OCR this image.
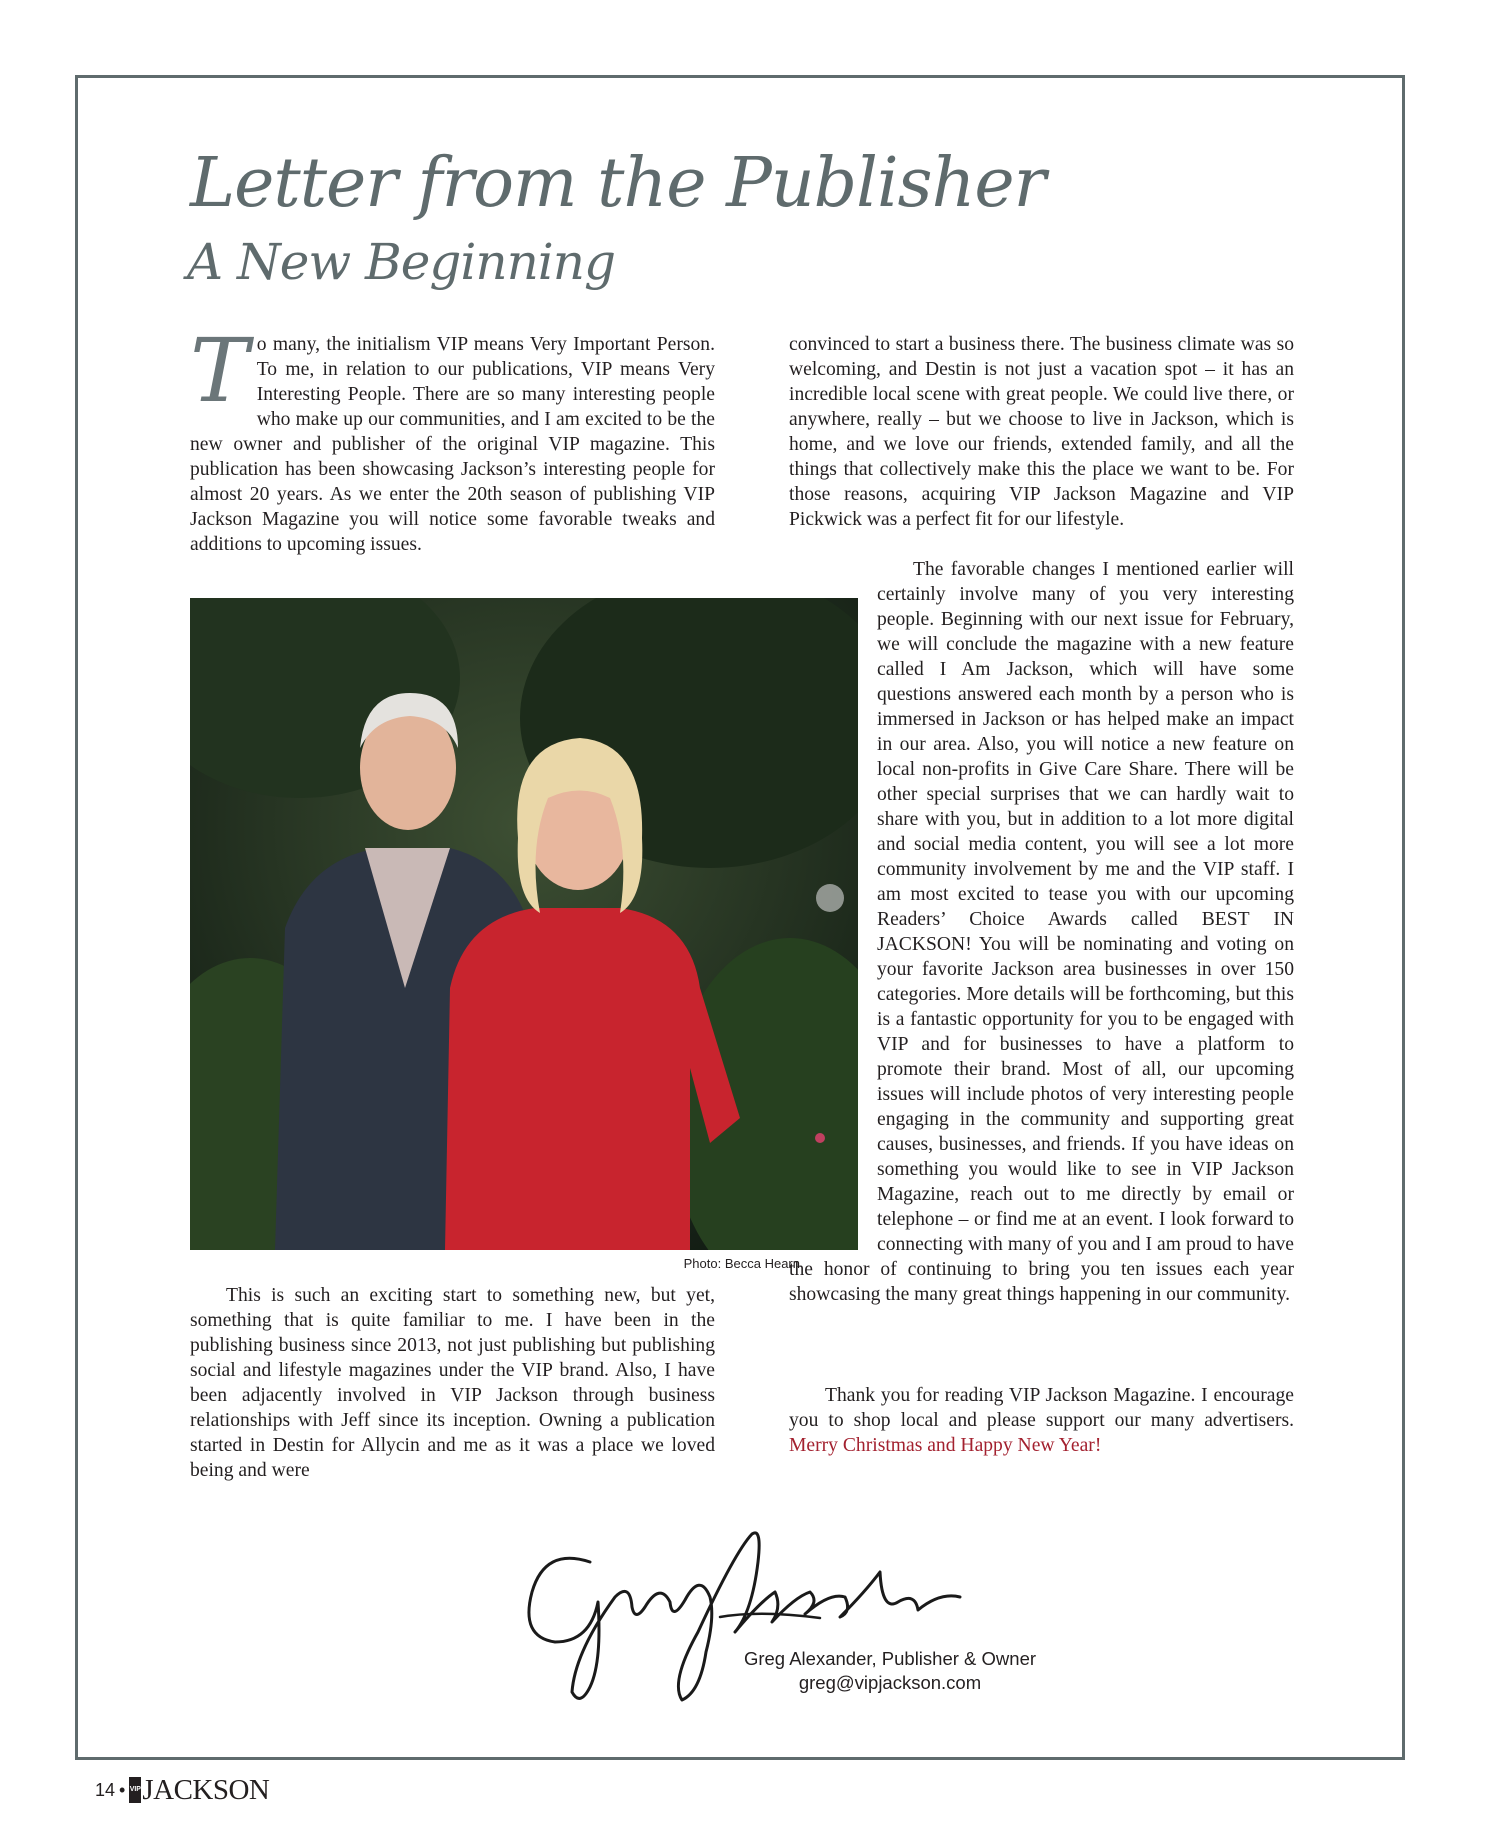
Letter from the Publisher
A New Beginning

To many, the initialism VIP means Very Important Person. To me, in relation to our publications, VIP means Very Interesting People. There are so many interesting people who make up our communities, and I am excited to be the new owner and publisher of the original VIP magazine. This publication has been showcasing Jackson’s interesting people for almost 20 years. As we enter the 20th season of publishing VIP Jackson Magazine you will notice some favorable tweaks and additions to upcoming issues.

Photo: Becca Hearn

This is such an exciting start to something new, but yet, something that is quite familiar to me. I have been in the publishing business since 2013, not just publishing but publishing social and lifestyle magazines under the VIP brand. Also, I have been adjacently involved in VIP Jackson through business relationships with Jeff since its inception. Owning a publication started in Destin for Allycin and me as it was a place we loved being and were

convinced to start a business there. The business climate was so welcoming, and Destin is not just a vacation spot – it has an incredible local scene with great people. We could live there, or anywhere, really – but we choose to live in Jackson, which is home, and we love our friends, extended family, and all the things that collectively make this the place we want to be. For those reasons, acquiring VIP Jackson Magazine and VIP Pickwick was a perfect fit for our lifestyle.

The favorable changes I mentioned earlier will certainly involve many of you very interesting people. Beginning with our next issue for February, we will conclude the magazine with a new feature called I Am Jackson, which will have some questions answered each month by a person who is immersed in Jackson or has helped make an impact in our area. Also, you will notice a new feature on local non-profits in Give Care Share. There will be other special surprises that we can hardly wait to share with you, but in addition to a lot more digital and social media content, you will see a lot more community involvement by me and the VIP staff. I am most excited to tease you with our upcoming Readers’ Choice Awards called BEST IN JACKSON! You will be nominating and voting on your favorite Jackson area businesses in over 150 categories. More details will be forthcoming, but this is a fantastic opportunity for you to be engaged with VIP and for businesses to have a platform to promote their brand. Most of all, our upcoming issues will include photos of very interesting people engaging in the community and supporting great causes, businesses, and friends. If you have ideas on something you would like to see in VIP Jackson Magazine, reach out to me directly by email or telephone – or find me at an event. I look forward to connecting with many of you and I am proud to have the honor of continuing to bring you ten issues each year showcasing the many great things happening in our community.

Thank you for reading VIP Jackson Magazine. I encourage you to shop local and please support our many advertisers. Merry Christmas and Happy New Year!

Greg Alexander, Publisher & Owner
greg@vipjackson.com
14 • VIP JACKSON
